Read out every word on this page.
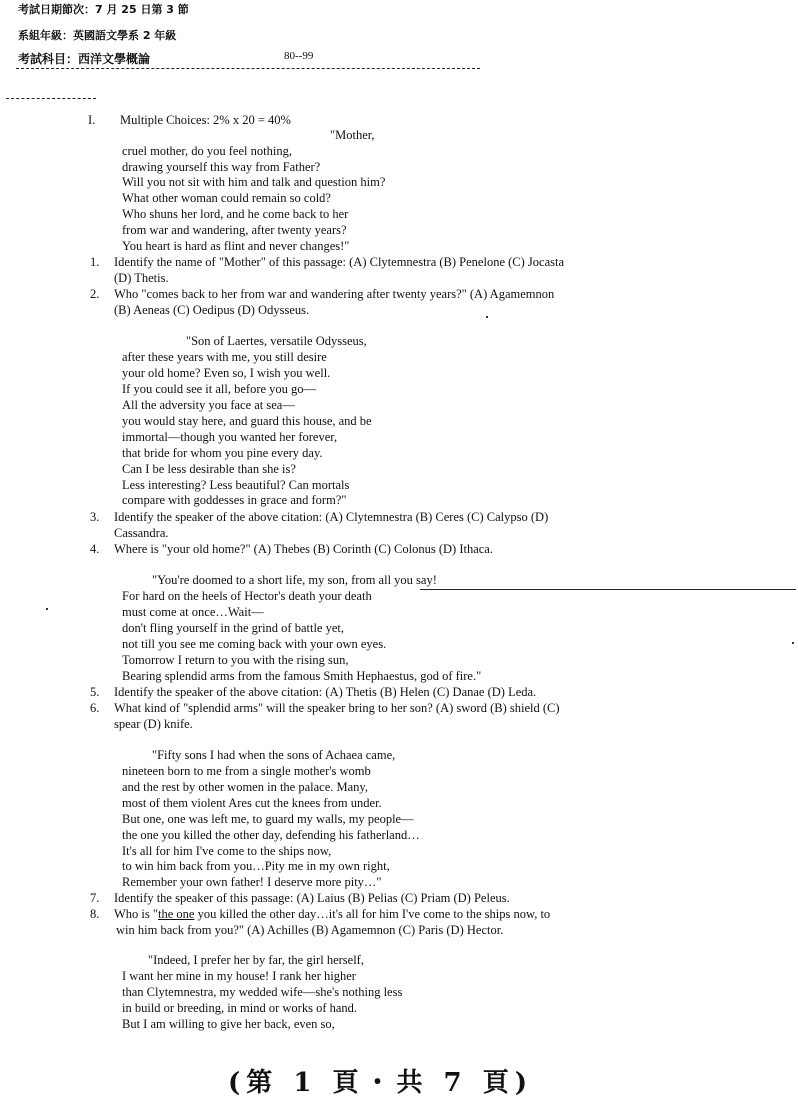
考試日期節次：7 月 25 日第 3 節
系組年級：英國語文學系 2 年級
考試科目：西洋文學概論	80--99
I. Multiple Choices: 2% x 20 = 40%
"Mother,
cruel mother, do you feel nothing,
drawing yourself this way from Father?
Will you not sit with him and talk and question him?
What other woman could remain so cold?
Who shuns her lord, and he come back to her
from war and wandering, after twenty years?
You heart is hard as flint and never changes!"
1. Identify the name of "Mother" of this passage: (A) Clytemnestra (B) Penelone (C) Jocasta
(D) Thetis.
2. Who "comes back to her from war and wandering after twenty years?" (A) Agamemnon
(B) Aeneas (C) Oedipus (D) Odysseus.
"Son of Laertes, versatile Odysseus,
after these years with me, you still desire
your old home? Even so, I wish you well.
If you could see it all, before you go—
All the adversity you face at sea—
you would stay here, and guard this house, and be
immortal—though you wanted her forever,
that bride for whom you pine every day.
Can I be less desirable than she is?
Less interesting? Less beautiful? Can mortals
compare with goddesses in grace and form?"
3. Identify the speaker of the above citation: (A) Clytemnestra (B) Ceres (C) Calypso (D)
Cassandra.
4. Where is "your old home?" (A) Thebes (B) Corinth (C) Colonus (D) Ithaca.
"You're doomed to a short life, my son, from all you say!
For hard on the heels of Hector's death your death
must come at once…Wait—
don't fling yourself in the grind of battle yet,
not till you see me coming back with your own eyes.
Tomorrow I return to you with the rising sun,
Bearing splendid arms from the famous Smith Hephaestus, god of fire."
5. Identify the speaker of the above citation: (A) Thetis (B) Helen (C) Danae (D) Leda.
6. What kind of "splendid arms" will the speaker bring to her son? (A) sword (B) shield (C)
spear (D) knife.
"Fifty sons I had when the sons of Achaea came,
nineteen born to me from a single mother's womb
and the rest by other women in the palace. Many,
most of them violent Ares cut the knees from under.
But one, one was left me, to guard my walls, my people—
the one you killed the other day, defending his fatherland…
It's all for him I've come to the ships now,
to win him back from you…Pity me in my own right,
Remember your own father! I deserve more pity…"
7. Identify the speaker of this passage: (A) Laius (B) Pelias (C) Priam (D) Peleus.
8. Who is "the one you killed the other day…it's all for him I've come to the ships now, to
win him back from you?" (A) Achilles (B) Agamemnon (C) Paris (D) Hector.
"Indeed, I prefer her by far, the girl herself,
I want her mine in my house! I rank her higher
than Clytemnestra, my wedded wife—she's nothing less
in build or breeding, in mind or works of hand.
But I am willing to give her back, even so,
(第 1 頁・共 7 頁)
